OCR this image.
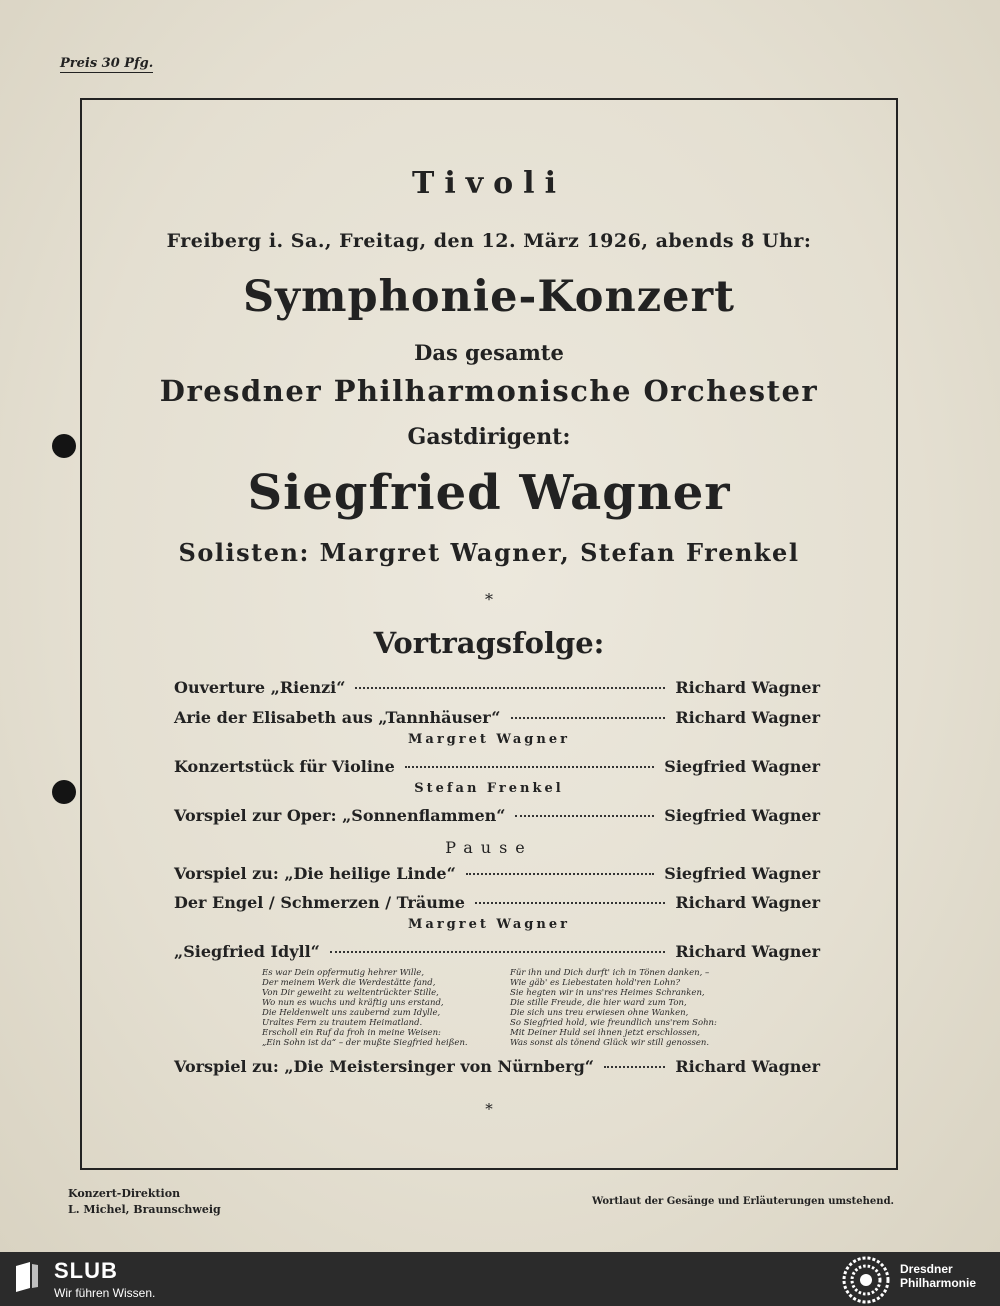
Preis 30 Pfg.
Tivoli
Freiberg i. Sa., Freitag, den 12. März 1926, abends 8 Uhr:
Symphonie-Konzert
Das gesamte
Dresdner Philharmonische Orchester
Gastdirigent:
Siegfried Wagner
Solisten: Margret Wagner, Stefan Frenkel
*
Vortragsfolge:
Ouverture „Rienzi“	Richard Wagner
Arie der Elisabeth aus „Tannhäuser“	Richard Wagner
Margret Wagner
Konzertstück für Violine	Siegfried Wagner
Stefan Frenkel
Vorspiel zur Oper: „Sonnenflammen“	Siegfried Wagner
Pause
Vorspiel zu: „Die heilige Linde“	Siegfried Wagner
Der Engel / Schmerzen / Träume	Richard Wagner
Margret Wagner
„Siegfried Idyll“	Richard Wagner
Es war Dein opfermutig hehrer Wille,
Der meinem Werk die Werdestätte fand,
Von Dir geweiht zu weltentrückter Stille,
Wo nun es wuchs und kräftig uns erstand,
Die Heldenwelt uns zaubernd zum Idylle,
Uraltes Fern zu trautem Heimatland.
Erscholl ein Ruf da froh in meine Weisen:
„Ein Sohn ist da“ – der mußte Siegfried heißen.
Für ihn und Dich durft' ich in Tönen danken, –
Wie gäb' es Liebestaten hold'ren Lohn?
Sie hegten wir in uns'res Heimes Schranken,
Die stille Freude, die hier ward zum Ton,
Die sich uns treu erwiesen ohne Wanken,
So Siegfried hold, wie freundlich uns'rem Sohn:
Mit Deiner Huld sei ihnen jetzt erschlossen,
Was sonst als tönend Glück wir still genossen.
Vorspiel zu: „Die Meistersinger von Nürnberg“	Richard Wagner
*
Konzert-Direktion
L. Michel, Braunschweig
Wortlaut der Gesänge und Erläuterungen umstehend.
SLUB
Wir führen Wissen.
Dresdner
Philharmonie
